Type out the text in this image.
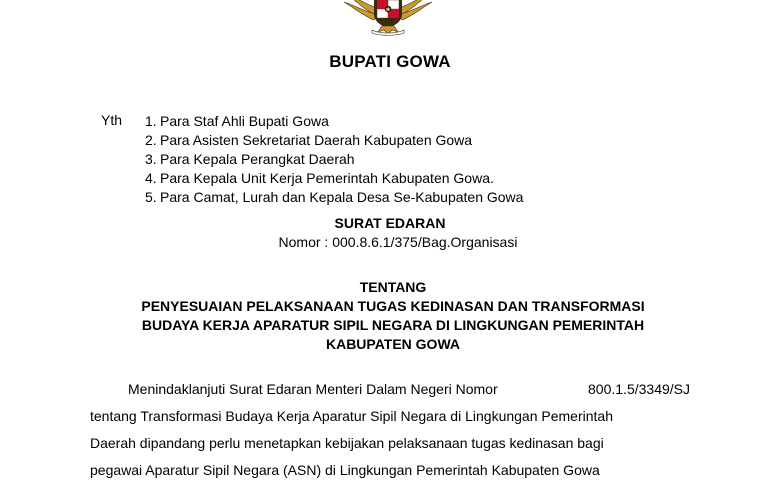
BUPATI GOWA
Yth 1. Para Staf Ahli Bupati Gowa
2. Para Asisten Sekretariat Daerah Kabupaten Gowa
3. Para Kepala Perangkat Daerah
4. Para Kepala Unit Kerja Pemerintah Kabupaten Gowa.
5. Para Camat, Lurah dan Kepala Desa Se-Kabupaten Gowa
SURAT EDARAN
Nomor : 000.8.6.1/375/Bag.Organisasi
TENTANG
PENYESUAIAN PELAKSANAAN TUGAS KEDINASAN DAN TRANSFORMASI
BUDAYA KERJA APARATUR SIPIL NEGARA DI LINGKUNGAN PEMERINTAH
KABUPATEN GOWA
Menindaklanjuti Surat Edaran Menteri Dalam Negeri Nomor	800.1.5/3349/SJ
tentang Transformasi Budaya Kerja Aparatur Sipil Negara di Lingkungan Pemerintah
Daerah dipandang perlu menetapkan kebijakan pelaksanaan tugas kedinasan bagi
pegawai Aparatur Sipil Negara (ASN) di Lingkungan Pemerintah Kabupaten Gowa
